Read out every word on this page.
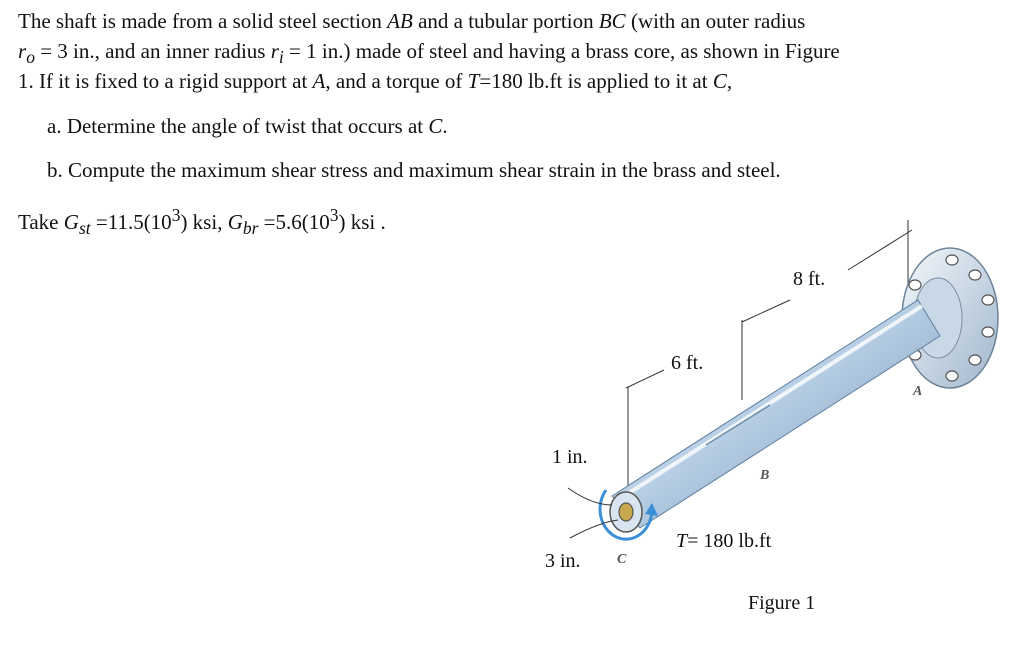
The shaft is made from a solid steel section AB and a tubular portion BC (with an outer radius
$r_o = 3$ in., and an inner radius $r_i = 1$ in.) made of steel and having a brass core, as shown in Figure
1. If it is fixed to a rigid support at A, and a torque of T=180 lb.ft is applied to it at C,
a. Determine the angle of twist that occurs at C.
b. Compute the maximum shear stress and maximum shear strain in the brass and steel.
Take $G_{st} =11.5(10^3)$ ksi, $G_{br} =5.6(10^3)$ ksi .
8 ft.
6 ft.
1 in.
3 in.
A
B
C
T= 180 lb.ft
Figure 1
